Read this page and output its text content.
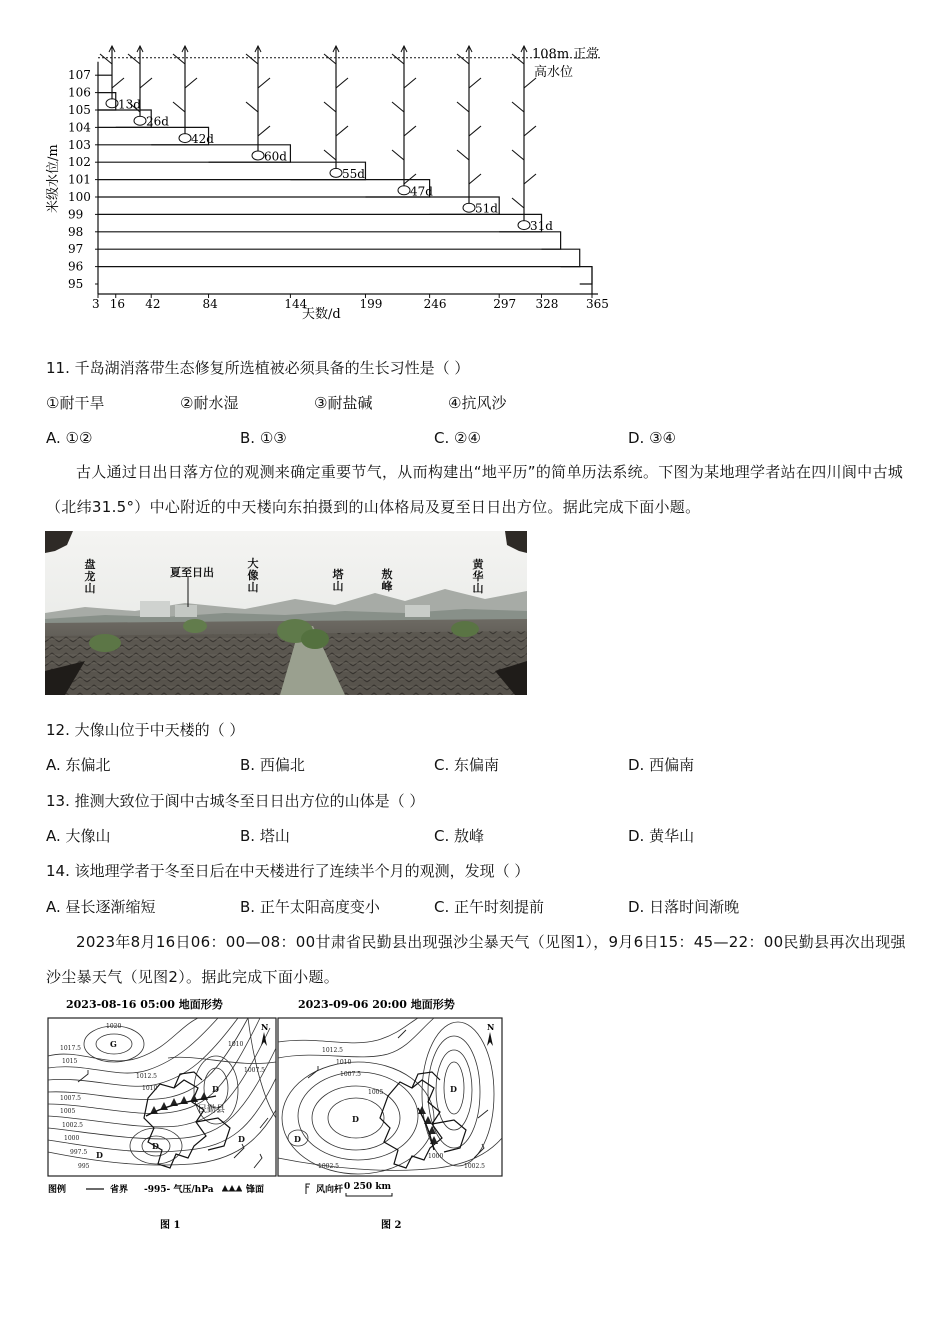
95
96
97
98
99
100
101
102
103
104
105
106
107
3 16 42	84	144	199	246	297 328 365
13d
26d
42d
60d
55d
47d
51d
31d
108m 正常
高水位
天数/d
米级水位/m
11. 千岛湖消落带生态修复所选植被必须具备的生长习性是（ ）
①耐干旱	②耐水湿	③耐盐碱	④抗风沙
A. ①②	B. ①③	C. ②④	D. ③④
古人通过日出日落方位的观测来确定重要节气，从而构建出“地平历”的简单历法系统。下图为某地理学者站在四川阆中古城（北纬31.5°）中心附近的中天楼向东拍摄到的山体格局及夏至日日出方位。据此完成下面小题。
盘
龙
山
夏至日出
大
像
山
塔
山
敖
峰
黄
华
山
12. 大像山位于中天楼的（ ）
A. 东偏北	B. 西偏北	C. 东偏南	D. 西偏南
13. 推测大致位于阆中古城冬至日日出方位的山体是（ ）
A. 大像山	B. 塔山	C. 敖峰	D. 黄华山
14. 该地理学者于冬至日后在中天楼进行了连续半个月的观测，发现（ ）
A. 昼长逐渐缩短	B. 正午太阳高度变小	C. 正午时刻提前	D. 日落时间渐晚
2023年8月16日06：00—08：00甘肃省民勤县出现强沙尘暴天气（见图1），9月6日15：45—22：00民勤县再次出现强沙尘暴天气（见图2）。据此完成下面小题。
2023-08-16 05:00 地面形势	2023-09-06 20:00 地面形势
1020
1017.5
1015
1012.5
1010
1007.5
1005
1002.5
1000
997.5
995
1010
1007.5
G
D
D
D
D
民勤县
N
1012.5
1010
1007.5
1005
1002.5
1000
1002.5
D
D
D
N
图例	省界 -995- 气压/hPa	锋面	风向杆 0 250 km
图 1	图 2
